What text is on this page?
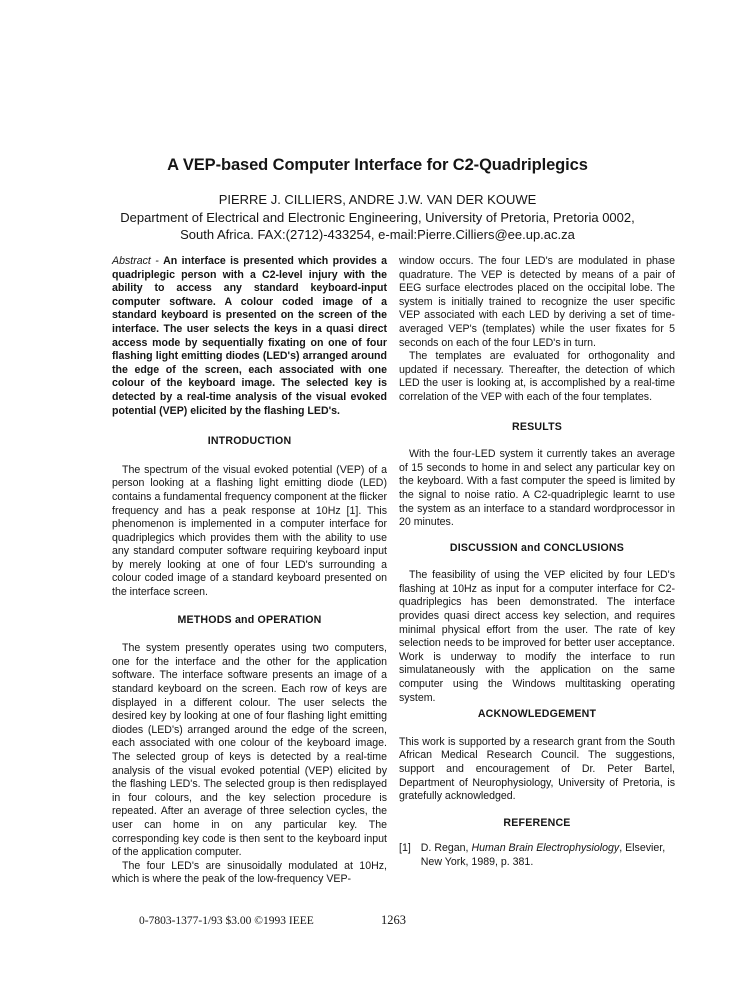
A VEP-based Computer Interface for C2-Quadriplegics
PIERRE J. CILLIERS, ANDRE J.W. VAN DER KOUWE
Department of Electrical and Electronic Engineering, University of Pretoria, Pretoria 0002,
South Africa. FAX:(2712)-433254, e-mail:Pierre.Cilliers@ee.up.ac.za

Abstract - An interface is presented which provides a quadriplegic person with a C2-level injury with the ability to access any standard keyboard-input computer software. A colour coded image of a standard keyboard is presented on the screen of the interface. The user selects the keys in a quasi direct access mode by sequentially fixating on one of four flashing light emitting diodes (LED's) arranged around the edge of the screen, each associated with one colour of the keyboard image. The selected key is detected by a real-time analysis of the visual evoked potential (VEP) elicited by the flashing LED's.

INTRODUCTION

The spectrum of the visual evoked potential (VEP) of a person looking at a flashing light emitting diode (LED) contains a fundamental frequency component at the flicker frequency and has a peak response at 10Hz [1]. This phenomenon is implemented in a computer interface for quadriplegics which provides them with the ability to use any standard computer software requiring keyboard input by merely looking at one of four LED's surrounding a colour coded image of a standard keyboard presented on the interface screen.

METHODS and OPERATION

The system presently operates using two computers, one for the interface and the other for the application software. The interface software presents an image of a standard keyboard on the screen. Each row of keys are displayed in a different colour. The user selects the desired key by looking at one of four flashing light emitting diodes (LED's) arranged around the edge of the screen, each associated with one colour of the keyboard image. The selected group of keys is detected by a real-time analysis of the visual evoked potential (VEP) elicited by the flashing LED's. The selected group is then redisplayed in four colours, and the key selection procedure is repeated. After an average of three selection cycles, the user can home in on any particular key. The corresponding key code is then sent to the keyboard input of the application computer.

The four LED's are sinusoidally modulated at 10Hz, which is where the peak of the low-frequency VEP-

window occurs. The four LED's are modulated in phase quadrature. The VEP is detected by means of a pair of EEG surface electrodes placed on the occipital lobe. The system is initially trained to recognize the user specific VEP associated with each LED by deriving a set of time-averaged VEP's (templates) while the user fixates for 5 seconds on each of the four LED's in turn.

The templates are evaluated for orthogonality and updated if necessary. Thereafter, the detection of which LED the user is looking at, is accomplished by a real-time correlation of the VEP with each of the four templates.

RESULTS

With the four-LED system it currently takes an average of 15 seconds to home in and select any particular key on the keyboard. With a fast computer the speed is limited by the signal to noise ratio. A C2-quadriplegic learnt to use the system as an interface to a standard wordprocessor in 20 minutes.

DISCUSSION and CONCLUSIONS

The feasibility of using the VEP elicited by four LED's flashing at 10Hz as input for a computer interface for C2-quadriplegics has been demonstrated. The interface provides quasi direct access key selection, and requires minimal physical effort from the user. The rate of key selection needs to be improved for better user acceptance. Work is underway to modify the interface to run simulataneously with the application on the same computer using the Windows multitasking operating system.

ACKNOWLEDGEMENT

This work is supported by a research grant from the South African Medical Research Council. The suggestions, support and encouragement of Dr. Peter Bartel, Department of Neurophysiology, University of Pretoria, is gratefully acknowledged.

REFERENCE
[1] D. Regan, Human Brain Electrophysiology, Elsevier, New York, 1989, p. 381.
0-7803-1377-1/93 $3.00 ©1993 IEEE	1263
